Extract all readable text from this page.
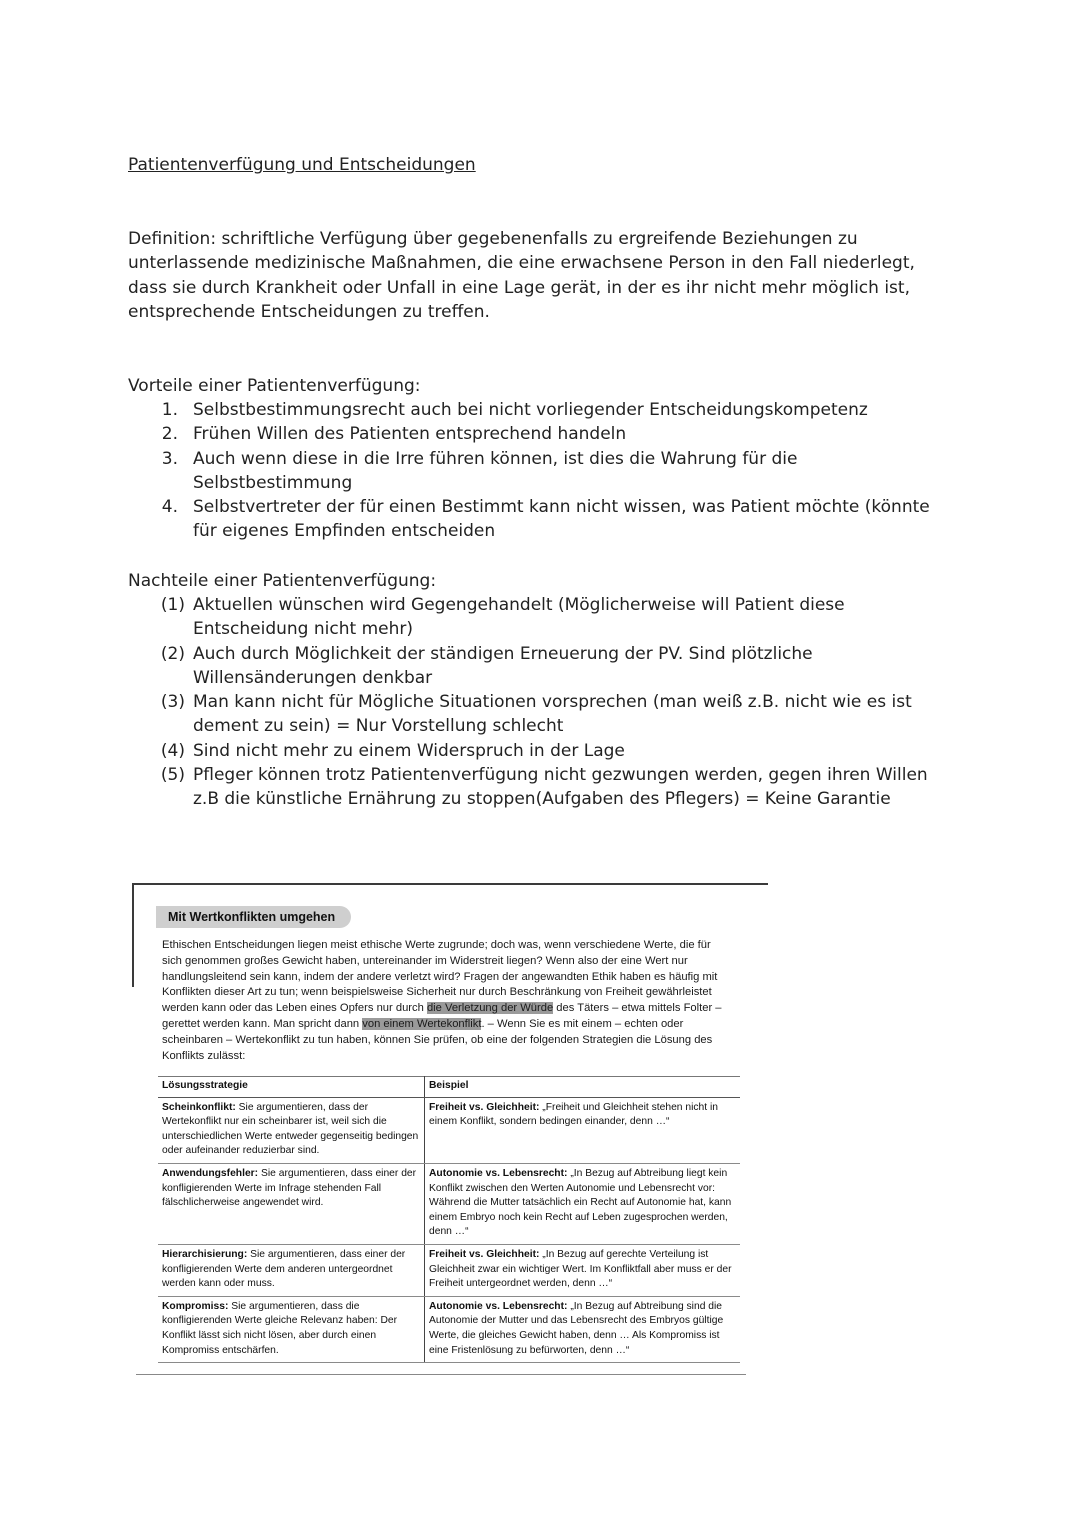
Patientenverfügung und Entscheidungen
Definition: schriftliche Verfügung über gegebenenfalls zu ergreifende Beziehungen zu unterlassende medizinische Maßnahmen, die eine erwachsene Person in den Fall niederlegt, dass sie durch Krankheit oder Unfall in eine Lage gerät, in der es ihr nicht mehr möglich ist, entsprechende Entscheidungen zu treffen.
Vorteile einer Patientenverfügung:
1. Selbstbestimmungsrecht auch bei nicht vorliegender Entscheidungskompetenz
2. Frühen Willen des Patienten entsprechend handeln
3. Auch wenn diese in die Irre führen können, ist dies die Wahrung für die Selbstbestimmung
4. Selbstvertreter der für einen Bestimmt kann nicht wissen, was Patient möchte (könnte für eigenes Empfinden entscheiden
Nachteile einer Patientenverfügung:
(1) Aktuellen wünschen wird Gegengehandelt (Möglicherweise will Patient diese Entscheidung nicht mehr)
(2) Auch durch Möglichkeit der ständigen Erneuerung der PV. Sind plötzliche Willensänderungen denkbar
(3) Man kann nicht für Mögliche Situationen vorsprechen (man weiß z.B. nicht wie es ist dement zu sein) = Nur Vorstellung schlecht
(4) Sind nicht mehr zu einem Widerspruch in der Lage
(5) Pfleger können trotz Patientenverfügung nicht gezwungen werden, gegen ihren Willen z.B die künstliche Ernährung zu stoppen(Aufgaben des Pflegers) = Keine Garantie
Mit Wertkonflikten umgehen
Ethischen Entscheidungen liegen meist ethische Werte zugrunde; doch was, wenn verschiedene Werte, die für sich genommen großes Gewicht haben, untereinander im Widerstreit liegen? Wenn also der eine Wert nur handlungsleitend sein kann, indem der andere verletzt wird? Fragen der angewandten Ethik haben es häufig mit Konflikten dieser Art zu tun; wenn beispielsweise Sicherheit nur durch Beschränkung von Freiheit gewährleistet werden kann oder das Leben eines Opfers nur durch die Verletzung der Würde des Täters – etwa mittels Folter – gerettet werden kann. Man spricht dann von einem Wertekonflikt. – Wenn Sie es mit einem – echten oder scheinbaren – Wertekonflikt zu tun haben, können Sie prüfen, ob eine der folgenden Strategien die Lösung des Konflikts zulässt:
Lösungsstrategie	Beispiel
Scheinkonflikt: Sie argumentieren, dass der Wertekonflikt nur ein scheinbarer ist, weil sich die unterschiedlichen Werte entweder gegenseitig bedingen oder aufeinander reduzierbar sind.	Freiheit vs. Gleichheit: „Freiheit und Gleichheit stehen nicht in einem Konflikt, sondern bedingen einander, denn …“
Anwendungsfehler: Sie argumentieren, dass einer der konfligierenden Werte im Infrage stehenden Fall fälschlicherweise angewendet wird.	Autonomie vs. Lebensrecht: „In Bezug auf Abtreibung liegt kein Konflikt zwischen den Werten Autonomie und Lebensrecht vor: Während die Mutter tatsächlich ein Recht auf Autonomie hat, kann einem Embryo noch kein Recht auf Leben zugesprochen werden, denn …“
Hierarchisierung: Sie argumentieren, dass einer der konfligierenden Werte dem anderen untergeordnet werden kann oder muss.	Freiheit vs. Gleichheit: „In Bezug auf gerechte Verteilung ist Gleichheit zwar ein wichtiger Wert. Im Konfliktfall aber muss er der Freiheit untergeordnet werden, denn …“
Kompromiss: Sie argumentieren, dass die konfligierenden Werte gleiche Relevanz haben: Der Konflikt lässt sich nicht lösen, aber durch einen Kompromiss entschärfen.	Autonomie vs. Lebensrecht: „In Bezug auf Abtreibung sind die Autonomie der Mutter und das Lebensrecht des Embryos gültige Werte, die gleiches Gewicht haben, denn … Als Kompromiss ist eine Fristenlösung zu befürworten, denn …“
